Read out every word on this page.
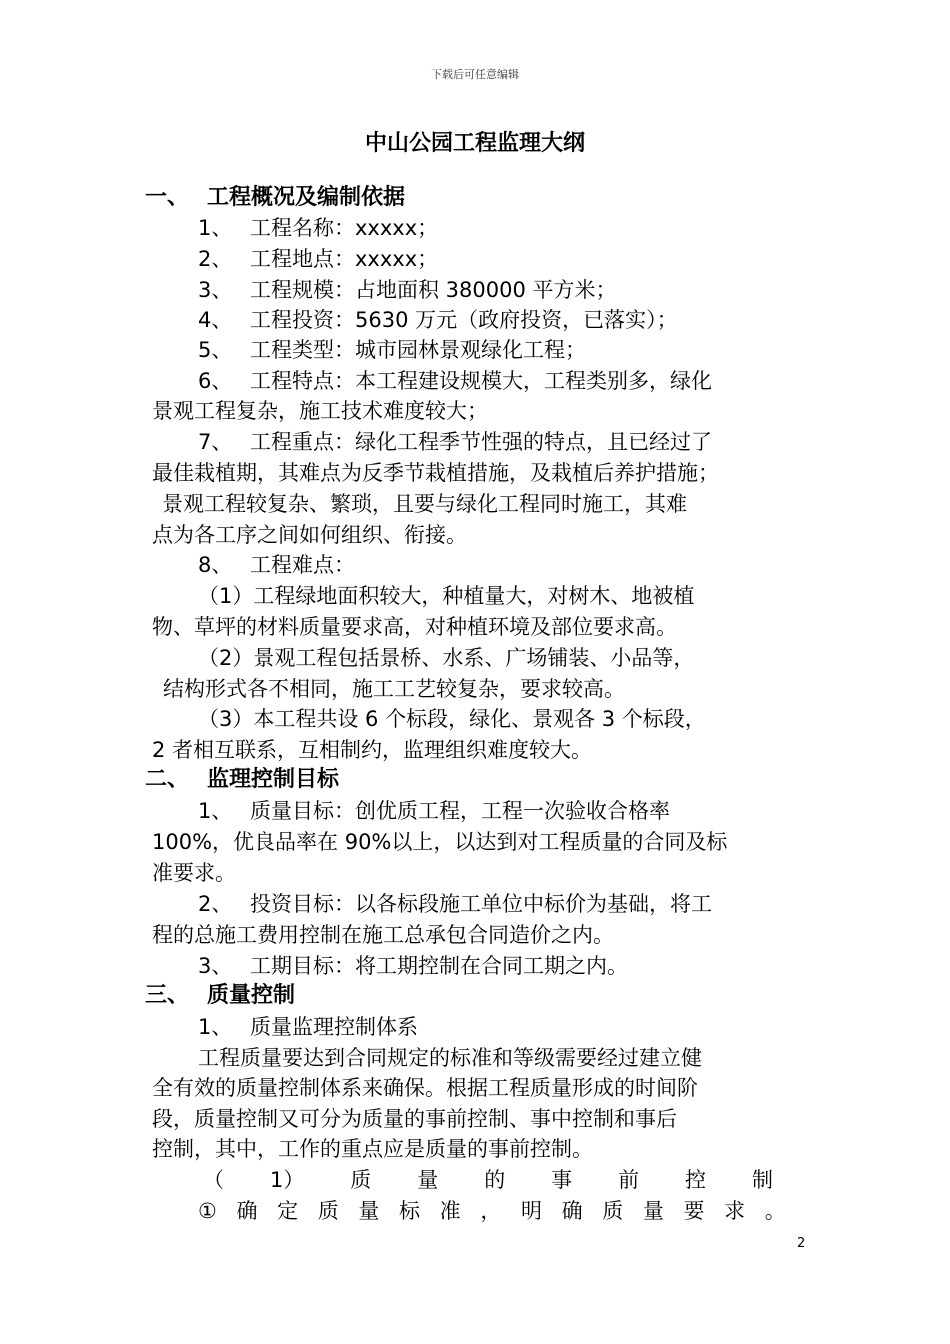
下载后可任意编辑
中山公园工程监理大纲
一、 工程概况及编制依据
1、 工程名称：xxxxx；
2、 工程地点：xxxxx；
3、 工程规模：占地面积 380000 平方米；
4、 工程投资：5630 万元（政府投资，已落实）；
5、 工程类型：城市园林景观绿化工程；
6、 工程特点：本工程建设规模大，工程类别多，绿化
景观工程复杂，施工技术难度较大；
7、 工程重点：绿化工程季节性强的特点，且已经过了
最佳栽植期，其难点为反季节栽植措施，及栽植后养护措施；
景观工程较复杂、繁琐，且要与绿化工程同时施工，其难
点为各工序之间如何组织、衔接。
8、 工程难点：
（1）工程绿地面积较大，种植量大，对树木、地被植
物、草坪的材料质量要求高，对种植环境及部位要求高。
（2）景观工程包括景桥、水系、广场铺装、小品等，
结构形式各不相同，施工工艺较复杂，要求较高。
（3）本工程共设 6 个标段，绿化、景观各 3 个标段，
2 者相互联系，互相制约，监理组织难度较大。
二、 监理控制目标
1、 质量目标：创优质工程，工程一次验收合格率
100%，优良品率在 90%以上，以达到对工程质量的合同及标
准要求。
2、 投资目标：以各标段施工单位中标价为基础，将工
程的总施工费用控制在施工总承包合同造价之内。
3、 工期目标：将工期控制在合同工期之内。
三、 质量控制
1、 质量监理控制体系
工程质量要达到合同规定的标准和等级需要经过建立健
全有效的质量控制体系来确保。根据工程质量形成的时间阶
段，质量控制又可分为质量的事前控制、事中控制和事后
控制，其中，工作的重点应是质量的事前控制。
（ 1） 质 量 的 事 前 控 制
① 确 定 质 量 标 准 ， 明 确 质 量 要 求 。
2
